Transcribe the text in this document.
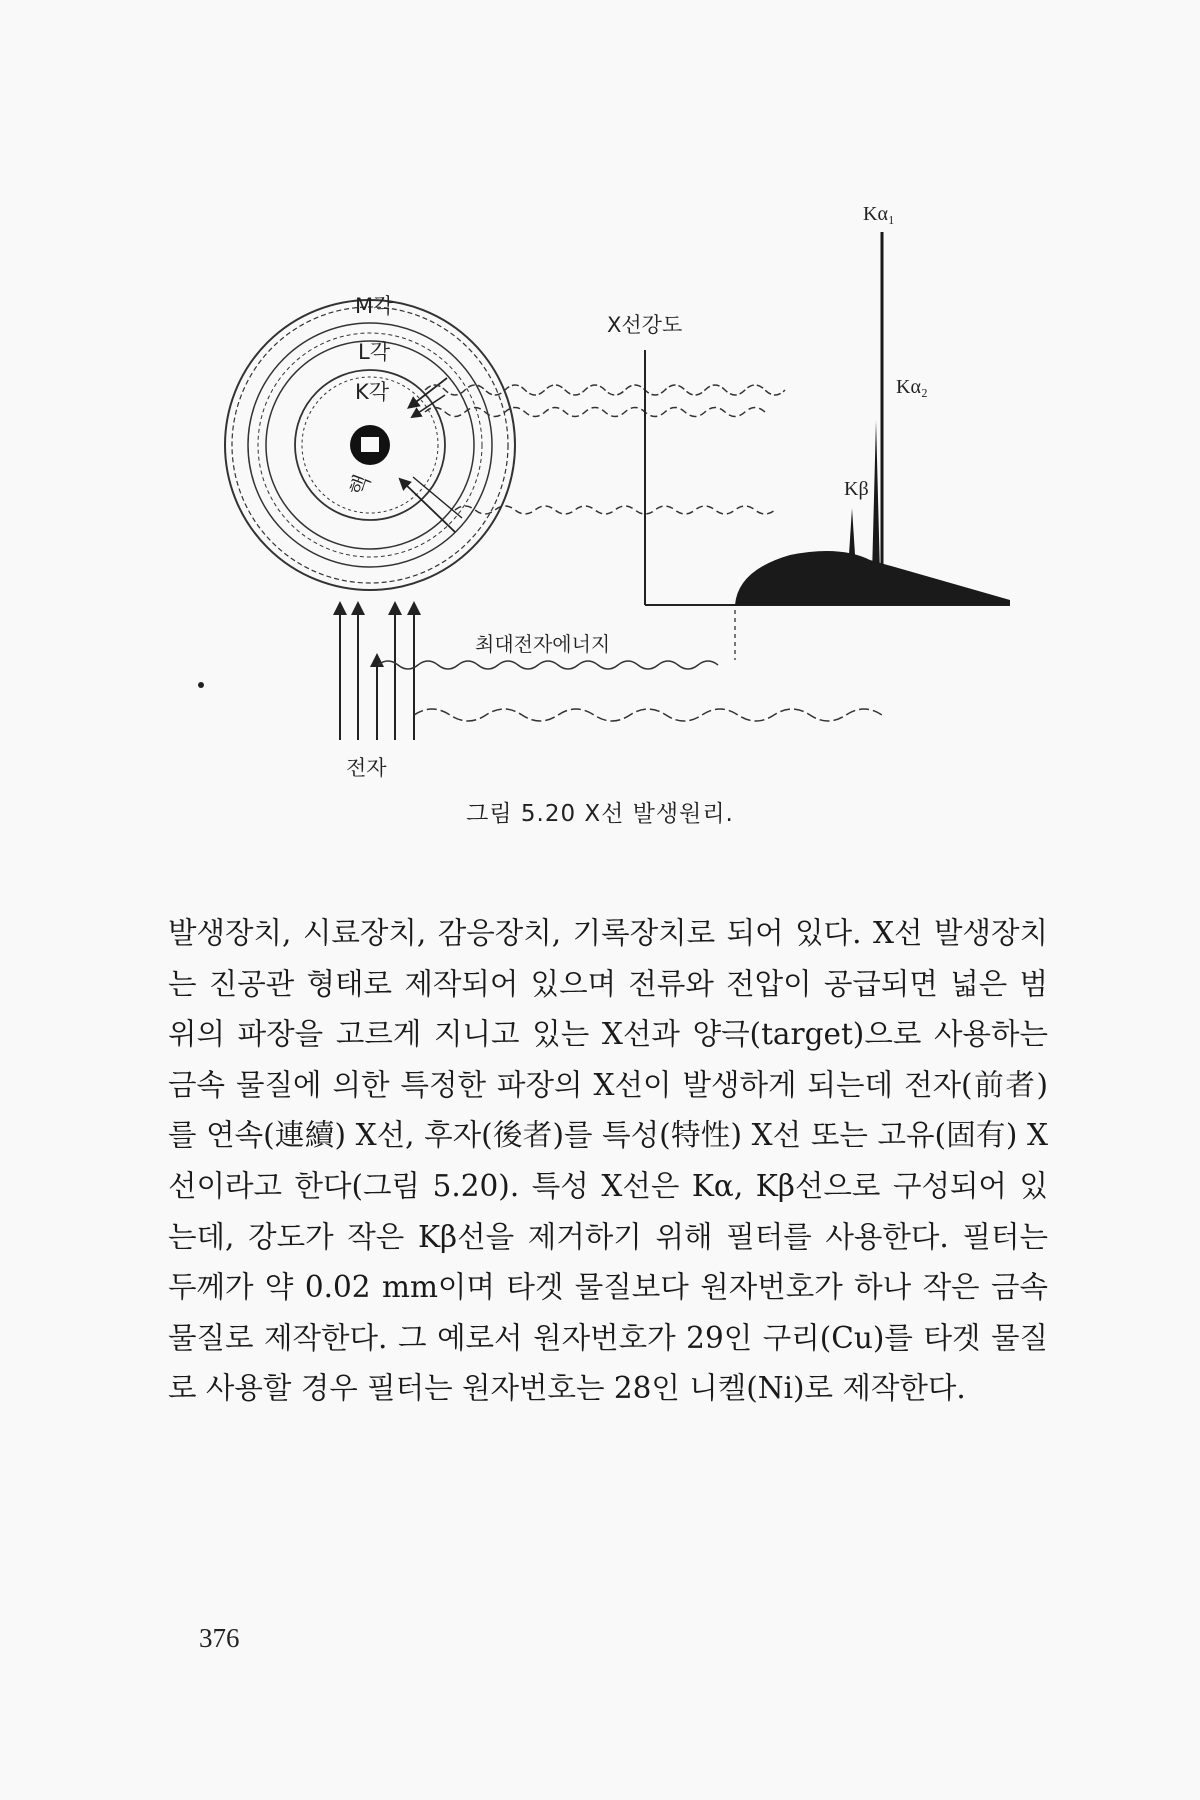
M각
L각
K각
핵
X선강도
Kα₁
Kα₂
Kβ
최대전자에너지
전자
그림 5.20 X선 발생원리.
발생장치, 시료장치, 감응장치, 기록장치로 되어 있다. X선 발생장치는 진공관 형태로 제작되어 있으며 전류와 전압이 공급되면 넓은 범위의 파장을 고르게 지니고 있는 X선과 양극(target)으로 사용하는 금속 물질에 의한 특정한 파장의 X선이 발생하게 되는데 전자(前者)를 연속(連續) X선, 후자(後者)를 특성(特性) X선 또는 고유(固有) X선이라고 한다(그림 5.20). 특성 X선은 Kα, Kβ선으로 구성되어 있는데, 강도가 작은 Kβ선을 제거하기 위해 필터를 사용한다. 필터는 두께가 약 0.02 mm이며 타겟 물질보다 원자번호가 하나 작은 금속 물질로 제작한다. 그 예로서 원자번호가 29인 구리(Cu)를 타겟 물질로 사용할 경우 필터는 원자번호는 28인 니켈(Ni)로 제작한다.
376
